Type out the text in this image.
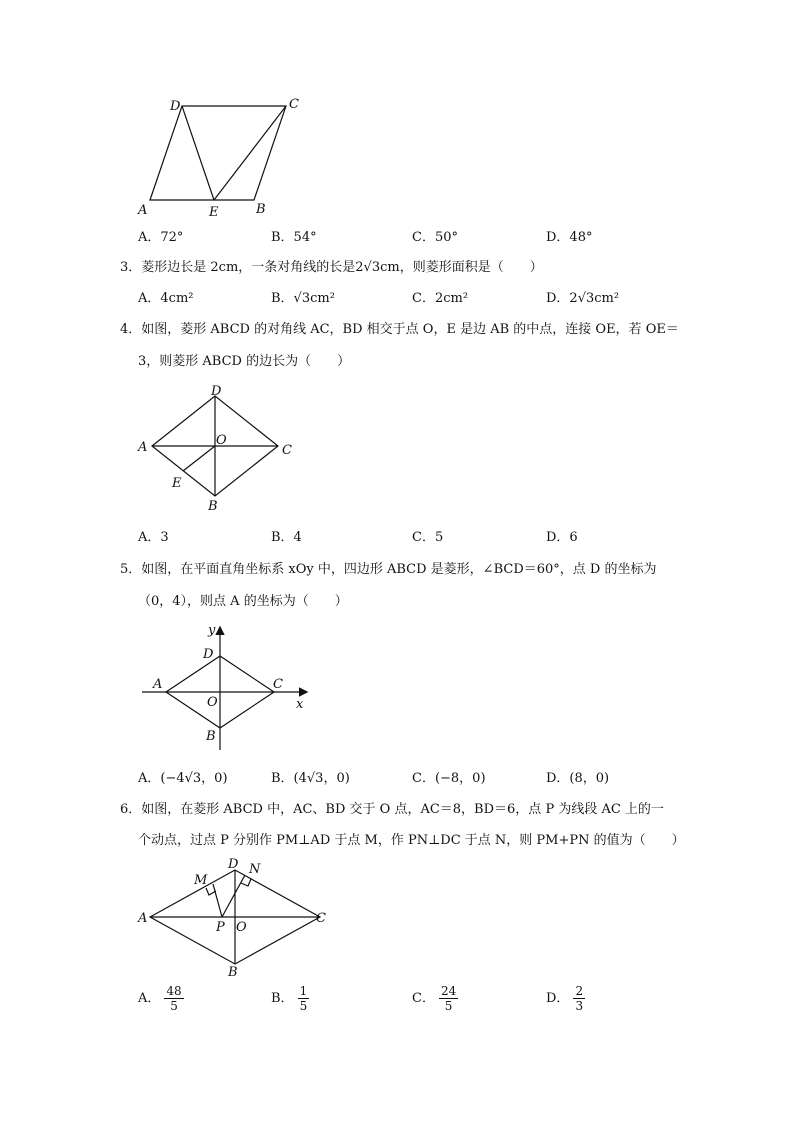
D	C
A	E	B
A．72°	B．54°	C．50°	D．48°
3．菱形边长是 2cm，一条对角线的长是2√3cm，则菱形面积是（　　）
A．4cm²	B．√3cm²	C．2cm²	D．2√3cm²
4．如图，菱形 ABCD 的对角线 AC，BD 相交于点 O，E 是边 AB 的中点，连接 OE，若 OE＝
3，则菱形 ABCD 的边长为（　　）
D
A	O
C
E
B
A．3	B．4	C．5	D．6
5．如图，在平面直角坐标系 xOy 中，四边形 ABCD 是菱形，∠BCD＝60°，点 D 的坐标为
（0，4），则点 A 的坐标为（　　）
y
D
A	C
O	x
B
A．(−4√3，0)	B．(4√3，0)	C．(−8，0)	D．(8，0)
6．如图，在菱形 ABCD 中，AC、BD 交于 O 点，AC＝8，BD＝6，点 P 为线段 AC 上的一
个动点，过点 P 分别作 PM⊥AD 于点 M，作 PN⊥DC 于点 N，则 PM+PN 的值为（　　）
D N
M
A	C
P O
B
A． $\frac{48}{5}$	B． $\frac{1}{5}$	C． $\frac{24}{5}$	D． $\frac{2}{3}$
